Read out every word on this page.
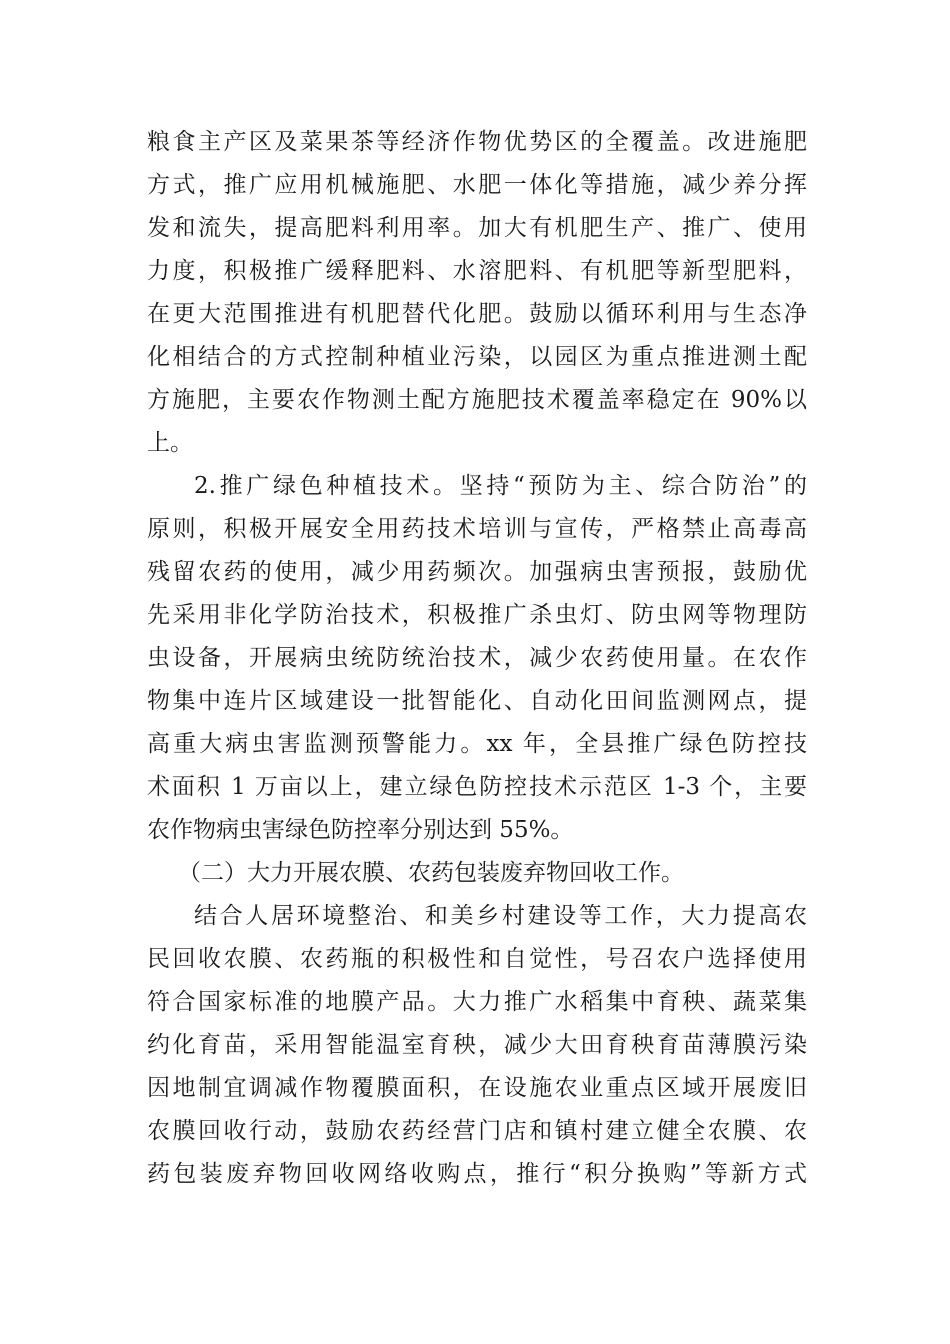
粮食主产区及菜果茶等经济作物优势区的全覆盖。改进施肥
方式，推广应用机械施肥、水肥一体化等措施，减少养分挥
发和流失，提高肥料利用率。加大有机肥生产、推广、使用
力度，积极推广缓释肥料、水溶肥料、有机肥等新型肥料，
在更大范围推进有机肥替代化肥。鼓励以循环利用与生态净
化相结合的方式控制种植业污染，以园区为重点推进测土配
方施肥，主要农作物测土配方施肥技术覆盖率稳定在 90%以
上。
2.推广绿色种植技术。坚持“预防为主、综合防治”的
原则，积极开展安全用药技术培训与宣传，严格禁止高毒高
残留农药的使用，减少用药频次。加强病虫害预报，鼓励优
先采用非化学防治技术，积极推广杀虫灯、防虫网等物理防
虫设备，开展病虫统防统治技术，减少农药使用量。在农作
物集中连片区域建设一批智能化、自动化田间监测网点，提
高重大病虫害监测预警能力。xx 年，全县推广绿色防控技
术面积 1 万亩以上，建立绿色防控技术示范区 1-3 个，主要
农作物病虫害绿色防控率分别达到 55%。
（二）大力开展农膜、农药包装废弃物回收工作。
结合人居环境整治、和美乡村建设等工作，大力提高农
民回收农膜、农药瓶的积极性和自觉性，号召农户选择使用
符合国家标准的地膜产品。大力推广水稻集中育秧、蔬菜集
约化育苗，采用智能温室育秧，减少大田育秧育苗薄膜污染
因地制宜调减作物覆膜面积，在设施农业重点区域开展废旧
农膜回收行动，鼓励农药经营门店和镇村建立健全农膜、农
药包装废弃物回收网络收购点，推行“积分换购”等新方式
